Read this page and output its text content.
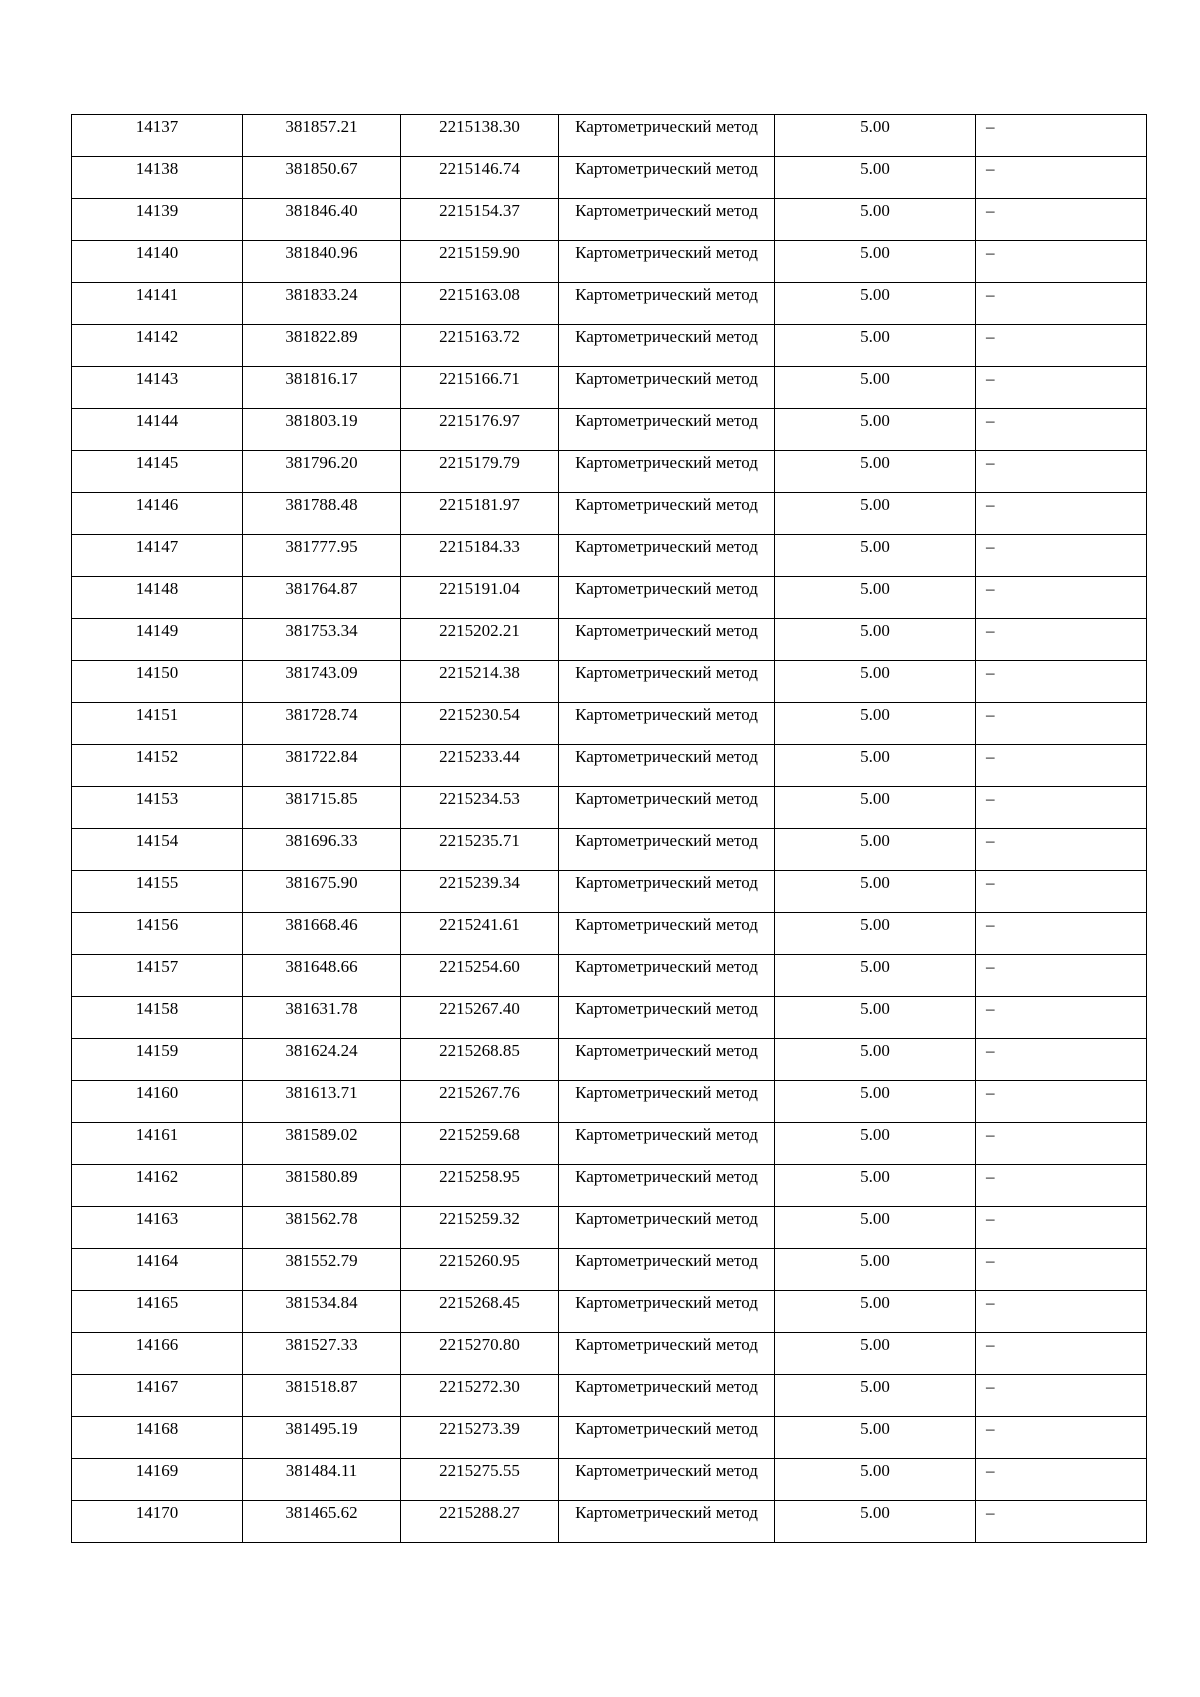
14137	381857.21	2215138.30	Картометрический метод	5.00	–

14138	381850.67	2215146.74	Картометрический метод	5.00	–

14139	381846.40	2215154.37	Картометрический метод	5.00	–

14140	381840.96	2215159.90	Картометрический метод	5.00	–

14141	381833.24	2215163.08	Картометрический метод	5.00	–

14142	381822.89	2215163.72	Картометрический метод	5.00	–

14143	381816.17	2215166.71	Картометрический метод	5.00	–

14144	381803.19	2215176.97	Картометрический метод	5.00	–

14145	381796.20	2215179.79	Картометрический метод	5.00	–

14146	381788.48	2215181.97	Картометрический метод	5.00	–

14147	381777.95	2215184.33	Картометрический метод	5.00	–

14148	381764.87	2215191.04	Картометрический метод	5.00	–

14149	381753.34	2215202.21	Картометрический метод	5.00	–

14150	381743.09	2215214.38	Картометрический метод	5.00	–

14151	381728.74	2215230.54	Картометрический метод	5.00	–

14152	381722.84	2215233.44	Картометрический метод	5.00	–

14153	381715.85	2215234.53	Картометрический метод	5.00	–

14154	381696.33	2215235.71	Картометрический метод	5.00	–

14155	381675.90	2215239.34	Картометрический метод	5.00	–

14156	381668.46	2215241.61	Картометрический метод	5.00	–

14157	381648.66	2215254.60	Картометрический метод	5.00	–

14158	381631.78	2215267.40	Картометрический метод	5.00	–

14159	381624.24	2215268.85	Картометрический метод	5.00	–

14160	381613.71	2215267.76	Картометрический метод	5.00	–

14161	381589.02	2215259.68	Картометрический метод	5.00	–

14162	381580.89	2215258.95	Картометрический метод	5.00	–

14163	381562.78	2215259.32	Картометрический метод	5.00	–

14164	381552.79	2215260.95	Картометрический метод	5.00	–

14165	381534.84	2215268.45	Картометрический метод	5.00	–

14166	381527.33	2215270.80	Картометрический метод	5.00	–

14167	381518.87	2215272.30	Картометрический метод	5.00	–

14168	381495.19	2215273.39	Картометрический метод	5.00	–

14169	381484.11	2215275.55	Картометрический метод	5.00	–

14170	381465.62	2215288.27	Картометрический метод	5.00	–
